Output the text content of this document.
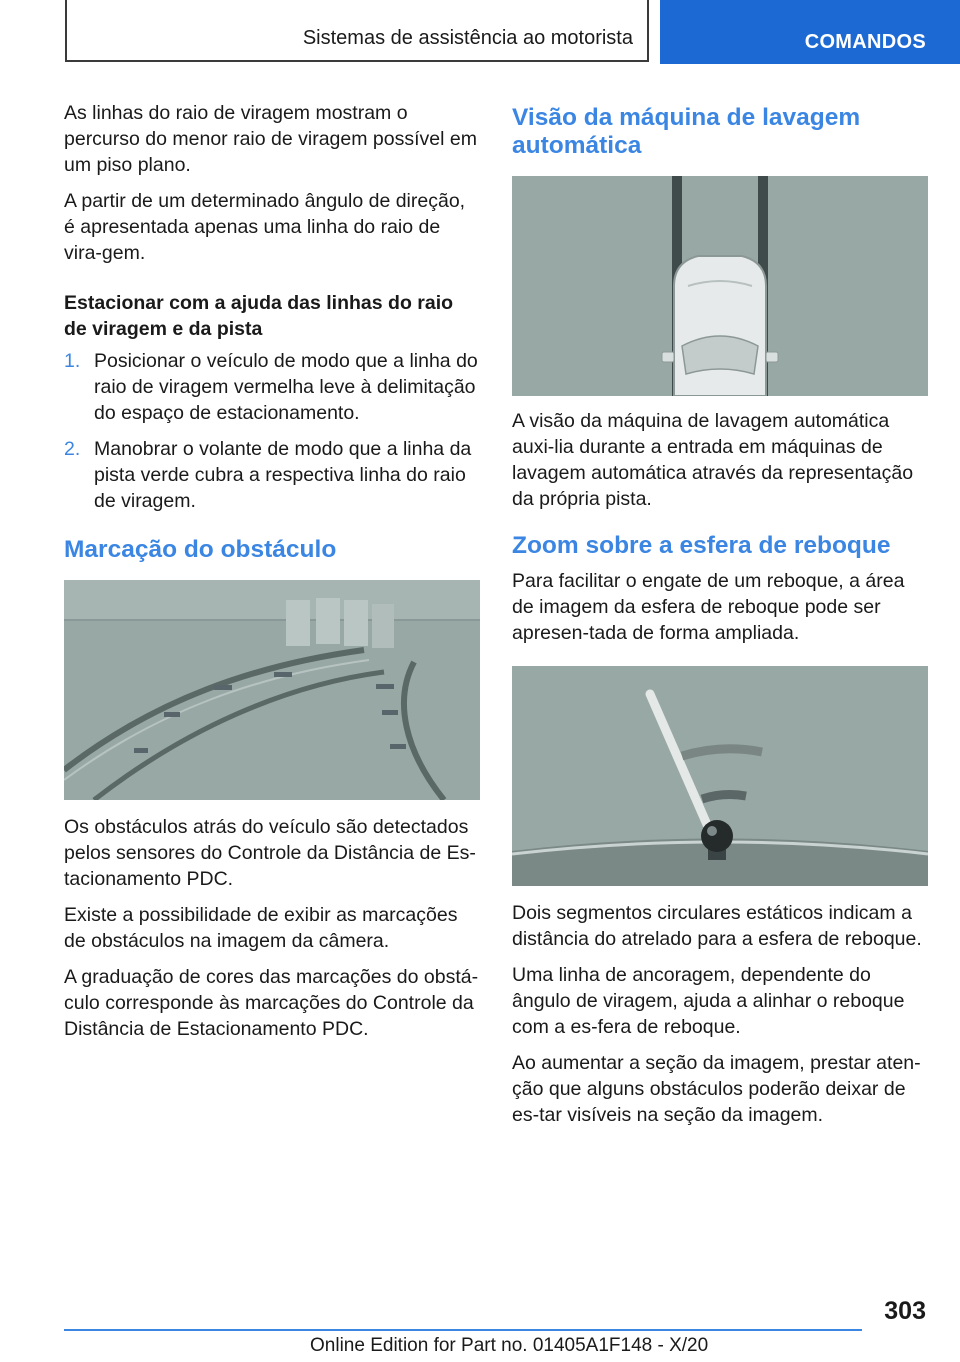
Sistemas de assistência ao motorista	COMANDOS

As linhas do raio de viragem mostram o percurso do menor raio de viragem possível em um piso plano.

A partir de um determinado ângulo de direção, é apresentada apenas uma linha do raio de vira-gem.

Estacionar com a ajuda das linhas do raio de viragem e da pista
1. Posicionar o veículo de modo que a linha do raio de viragem vermelha leve à delimitação do espaço de estacionamento.
2. Manobrar o volante de modo que a linha da pista verde cubra a respectiva linha do raio de viragem.
Marcação do obstáculo

Os obstáculos atrás do veículo são detectados pelos sensores do Controle da Distância de Es-tacionamento PDC.

Existe a possibilidade de exibir as marcações de obstáculos na imagem da câmera.

A graduação de cores das marcações do obstá-culo corresponde às marcações do Controle da Distância de Estacionamento PDC.

Visão da máquina de lavagem automática

A visão da máquina de lavagem automática auxi-lia durante a entrada em máquinas de lavagem automática através da representação da própria pista.

Zoom sobre a esfera de reboque

Para facilitar o engate de um reboque, a área de imagem da esfera de reboque pode ser apresen-tada de forma ampliada.

Dois segmentos circulares estáticos indicam a distância do atrelado para a esfera de reboque.

Uma linha de ancoragem, dependente do ângulo de viragem, ajuda a alinhar o reboque com a es-fera de reboque.

Ao aumentar a seção da imagem, prestar aten-ção que alguns obstáculos poderão deixar de es-tar visíveis na seção da imagem.

303
Online Edition for Part no. 01405A1F148 - X/20
